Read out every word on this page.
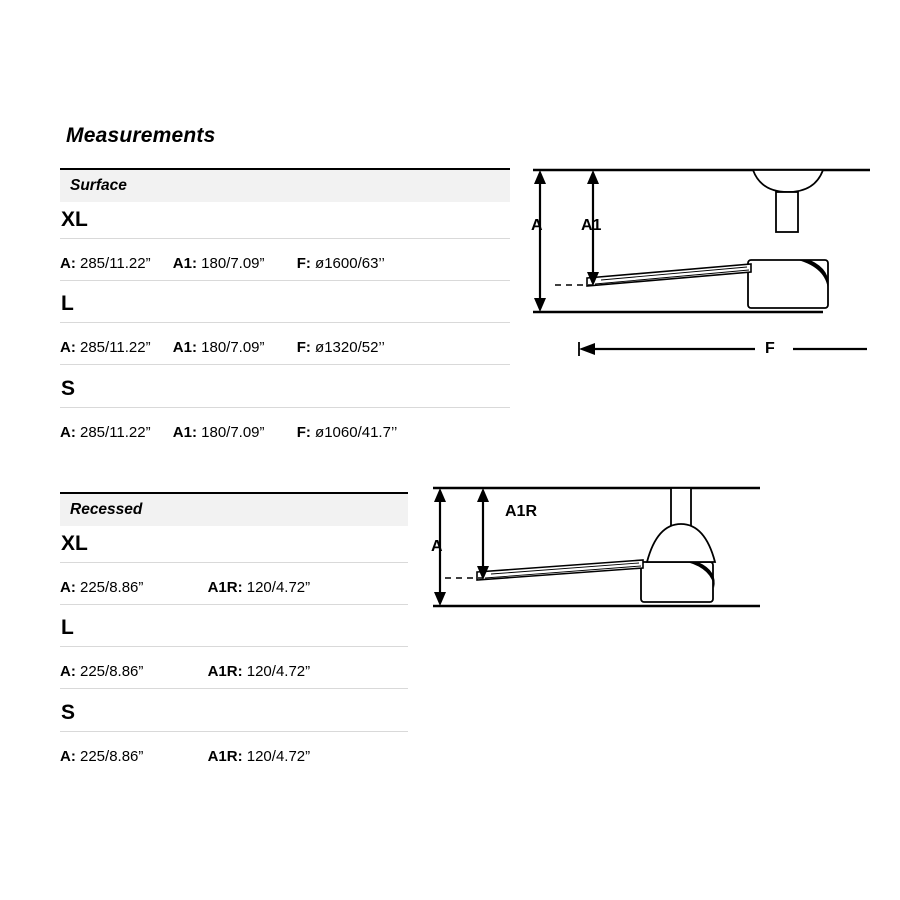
Measurements
Surface
XL
A: 285/11.22” A1: 180/7.09” F: ø1600/63’’
L
A: 285/11.22” A1: 180/7.09” F: ø1320/52’’
S
A: 285/11.22” A1: 180/7.09” F: ø1060/41.7’’
Recessed
XL
A: 225/8.86”	A1R: 120/4.72”
L
A: 225/8.86”	A1R: 120/4.72”
S
A: 225/8.86”	A1R: 120/4.72”
A A1
F
A
A1R
